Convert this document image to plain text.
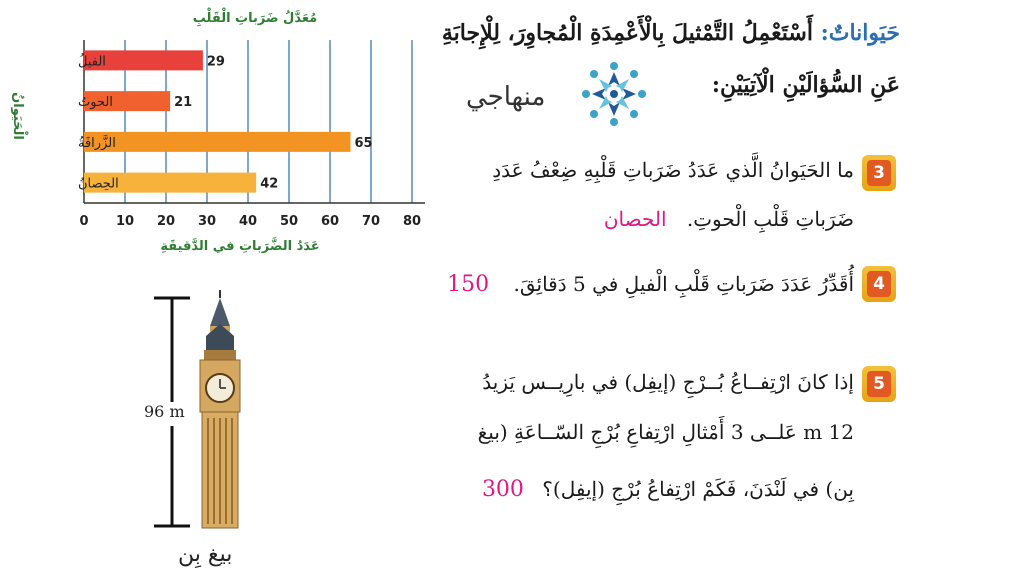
مُعَدَّلُ ضَرَباتِ الْقَلْبِ
الفيلُ
الحوتُ
الزَّرافَةُ
الحِصانُ
29
21
65
42
0 10 20 30 40 50 60 70 80
عَدَدُ الضَّرَباتِ في الدَّقيقَةِ
الْحَيَوانُ
حَيَواناتٌ: أَسْتَعْمِلُ التَّمْثيلَ بِالْأَعْمِدَةِ الْمُجاوِرَ، لِلْإِجابَةِ
عَنِ السُّؤالَيْنِ الْآتِيَيْنِ:
منهاجي
3
ما الحَيَوانُ الَّذي عَدَدُ ضَرَباتِ قَلْبِهِ ضِعْفُ عَدَدِ
ضَرَباتِ قَلْبِ الْحوتِ. الحصان
4
أُقَدِّرُ عَدَدَ ضَرَباتِ قَلْبِ الْفيلِ في 5 دَقائِقَ. 150
5
إذا كانَ ارْتِفــاعُ بُــرْجِ (إيفِل) في بارِيــس يَزيدُ
12 m عَلــى 3 أَمْثالِ ارْتِفاعِ بُرْجِ السّــاعَةِ (بيغ
بِن) في لَنْدَنَ، فَكَمْ ارْتِفاعُ بُرْجِ (إيفِل)؟ 300
96 m
بيغ بِن
